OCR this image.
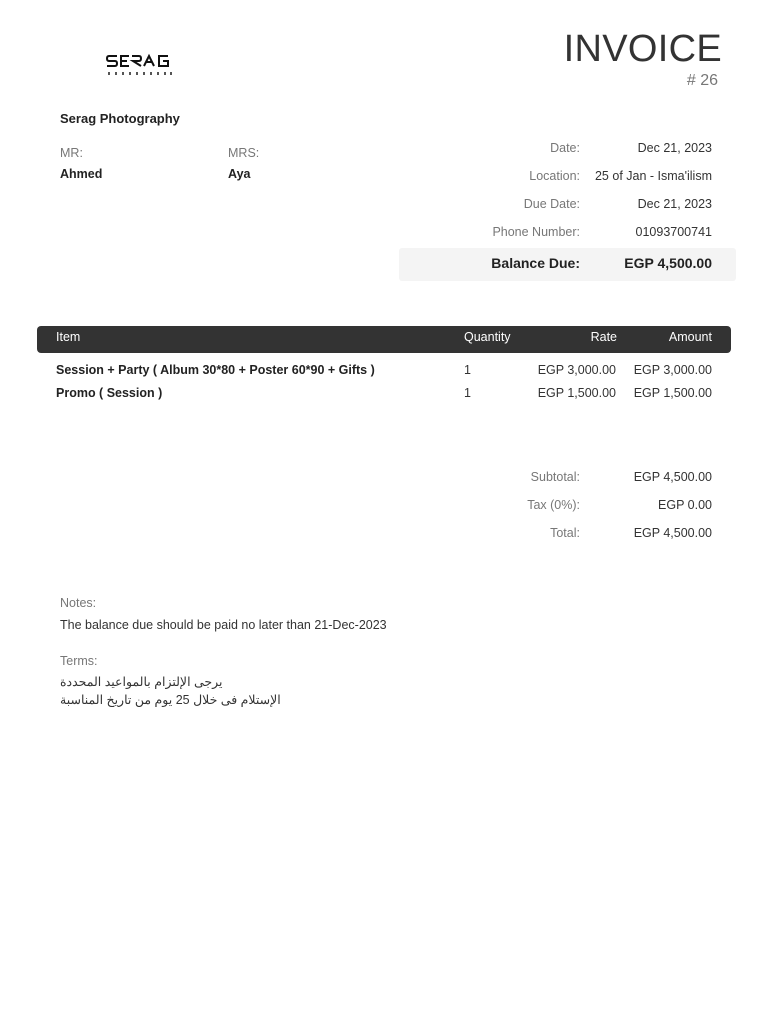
INVOICE
# 26
Serag Photography
MR:
Ahmed
MRS:
Aya
Date:	Dec 21, 2023
Location: 25 of Jan - Isma'ilism
Due Date:	Dec 21, 2023
Phone Number:	01093700741
Balance Due:	EGP 4,500.00
Item	Quantity	Rate	Amount
Session + Party ( Album 30*80 + Poster 60*90 + Gifts )	1	EGP 3,000.00 EGP 3,000.00
Promo ( Session )	1	EGP 1,500.00 EGP 1,500.00
Subtotal:	EGP 4,500.00
Tax (0%):	EGP 0.00
Total:	EGP 4,500.00
Notes:
The balance due should be paid no later than 21-Dec-2023
Terms:
يرجى الإلتزام بالمواعيد المحددة
الإستلام فى خلال 25 يوم من تاريخ المناسبة
